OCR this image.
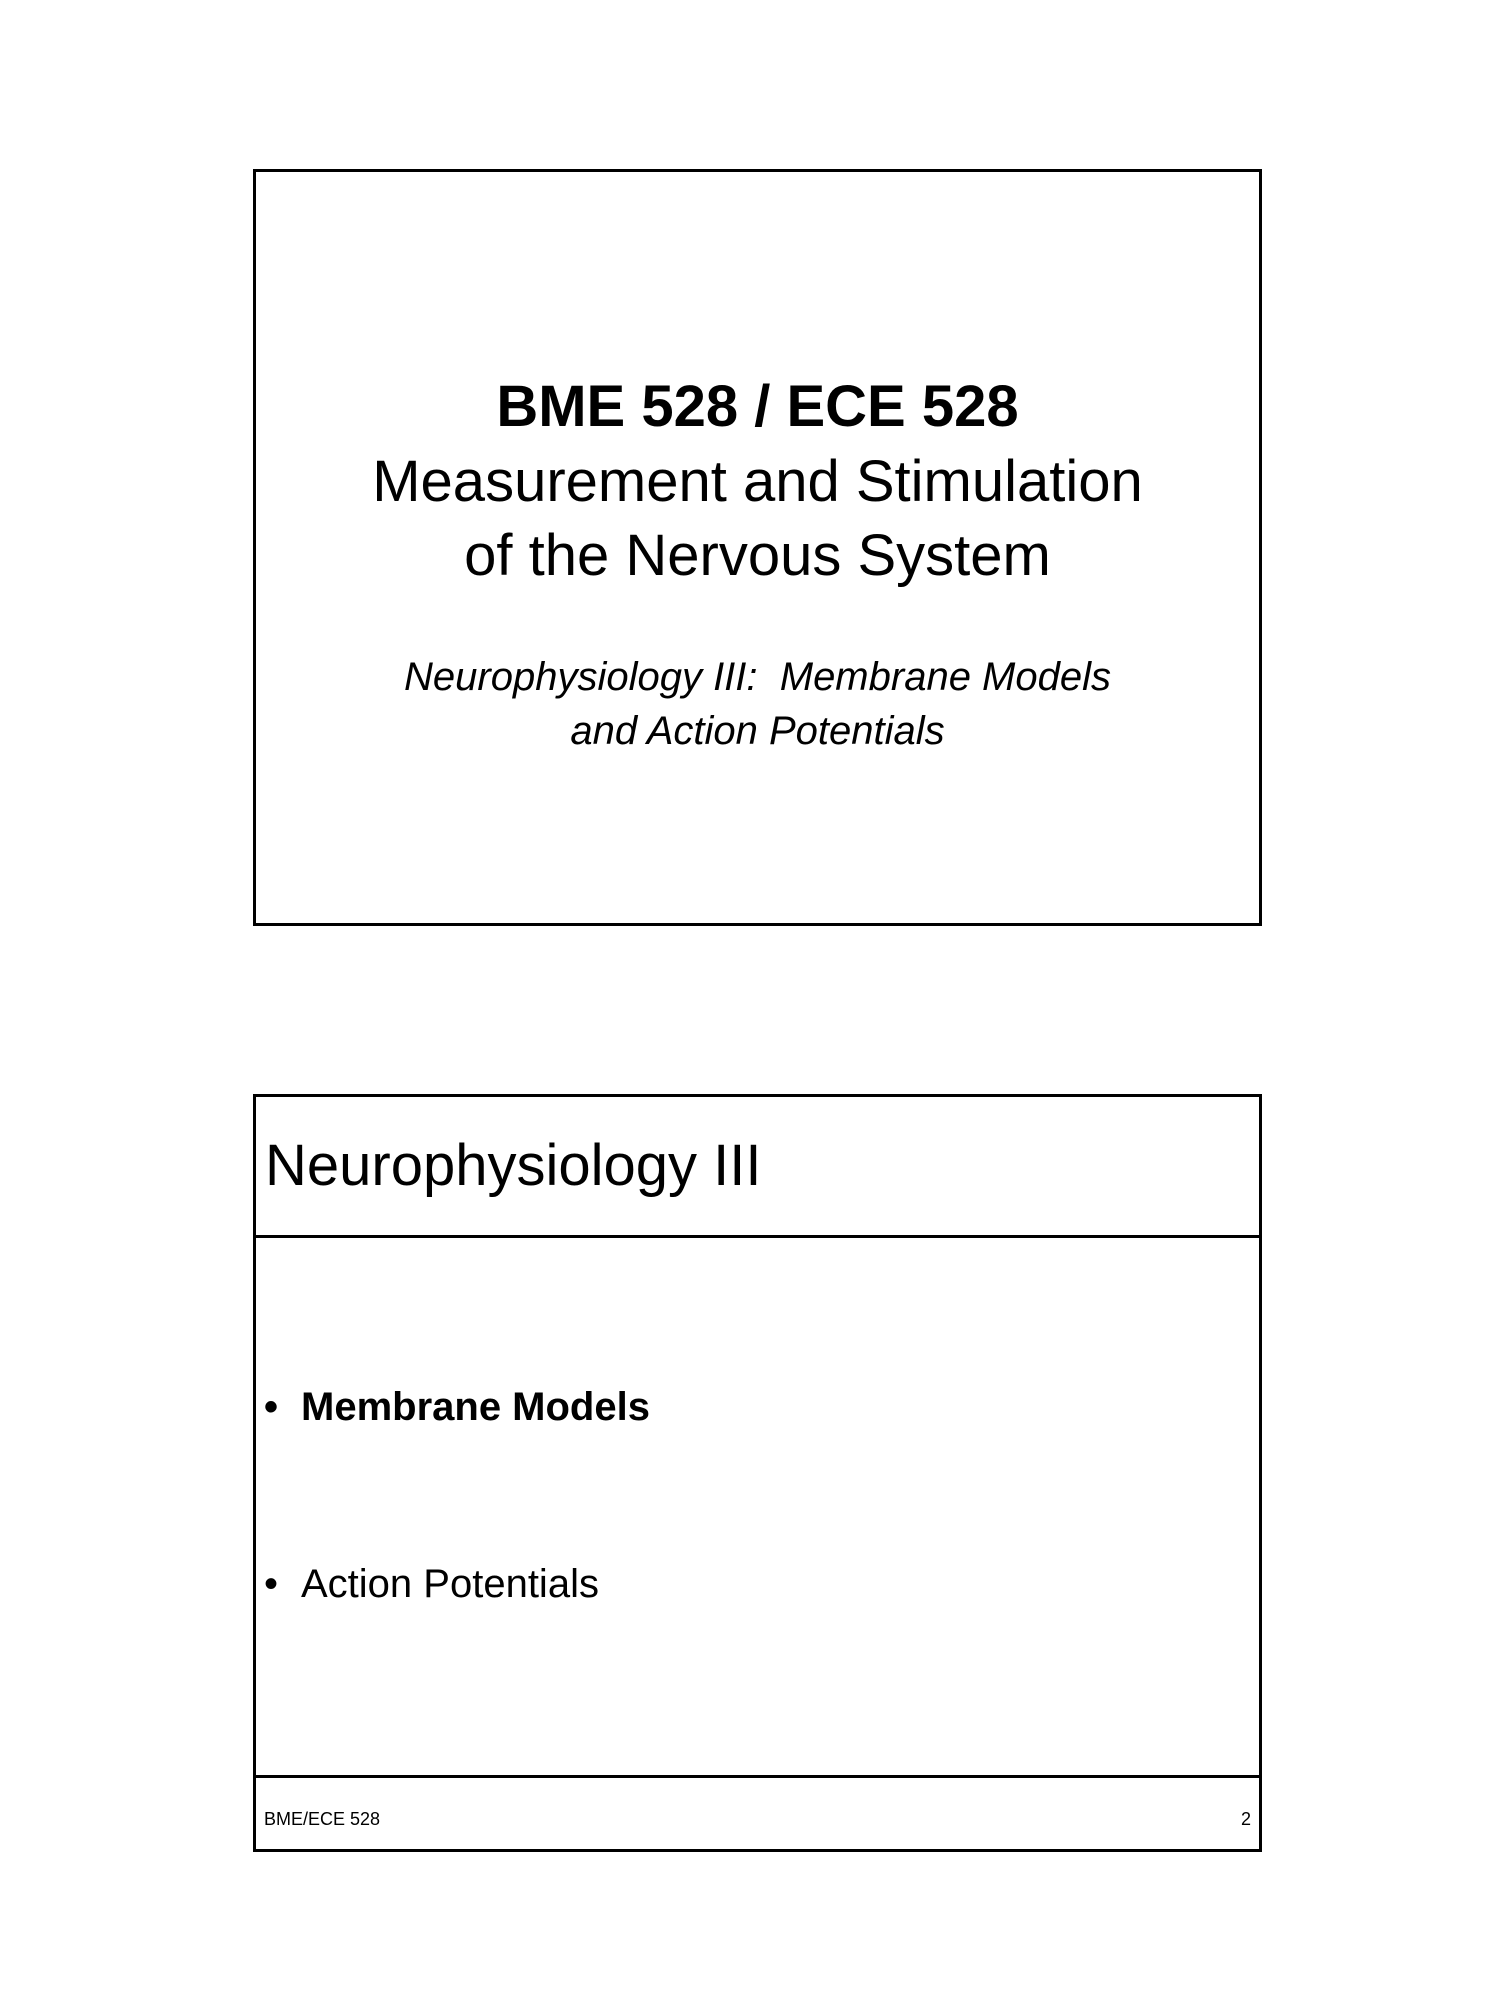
BME 528 / ECE 528
Measurement and Stimulation
of the Nervous System
Neurophysiology III:  Membrane Models
and Action Potentials
Neurophysiology III
• Membrane Models
• Action Potentials
BME/ECE 528	2
